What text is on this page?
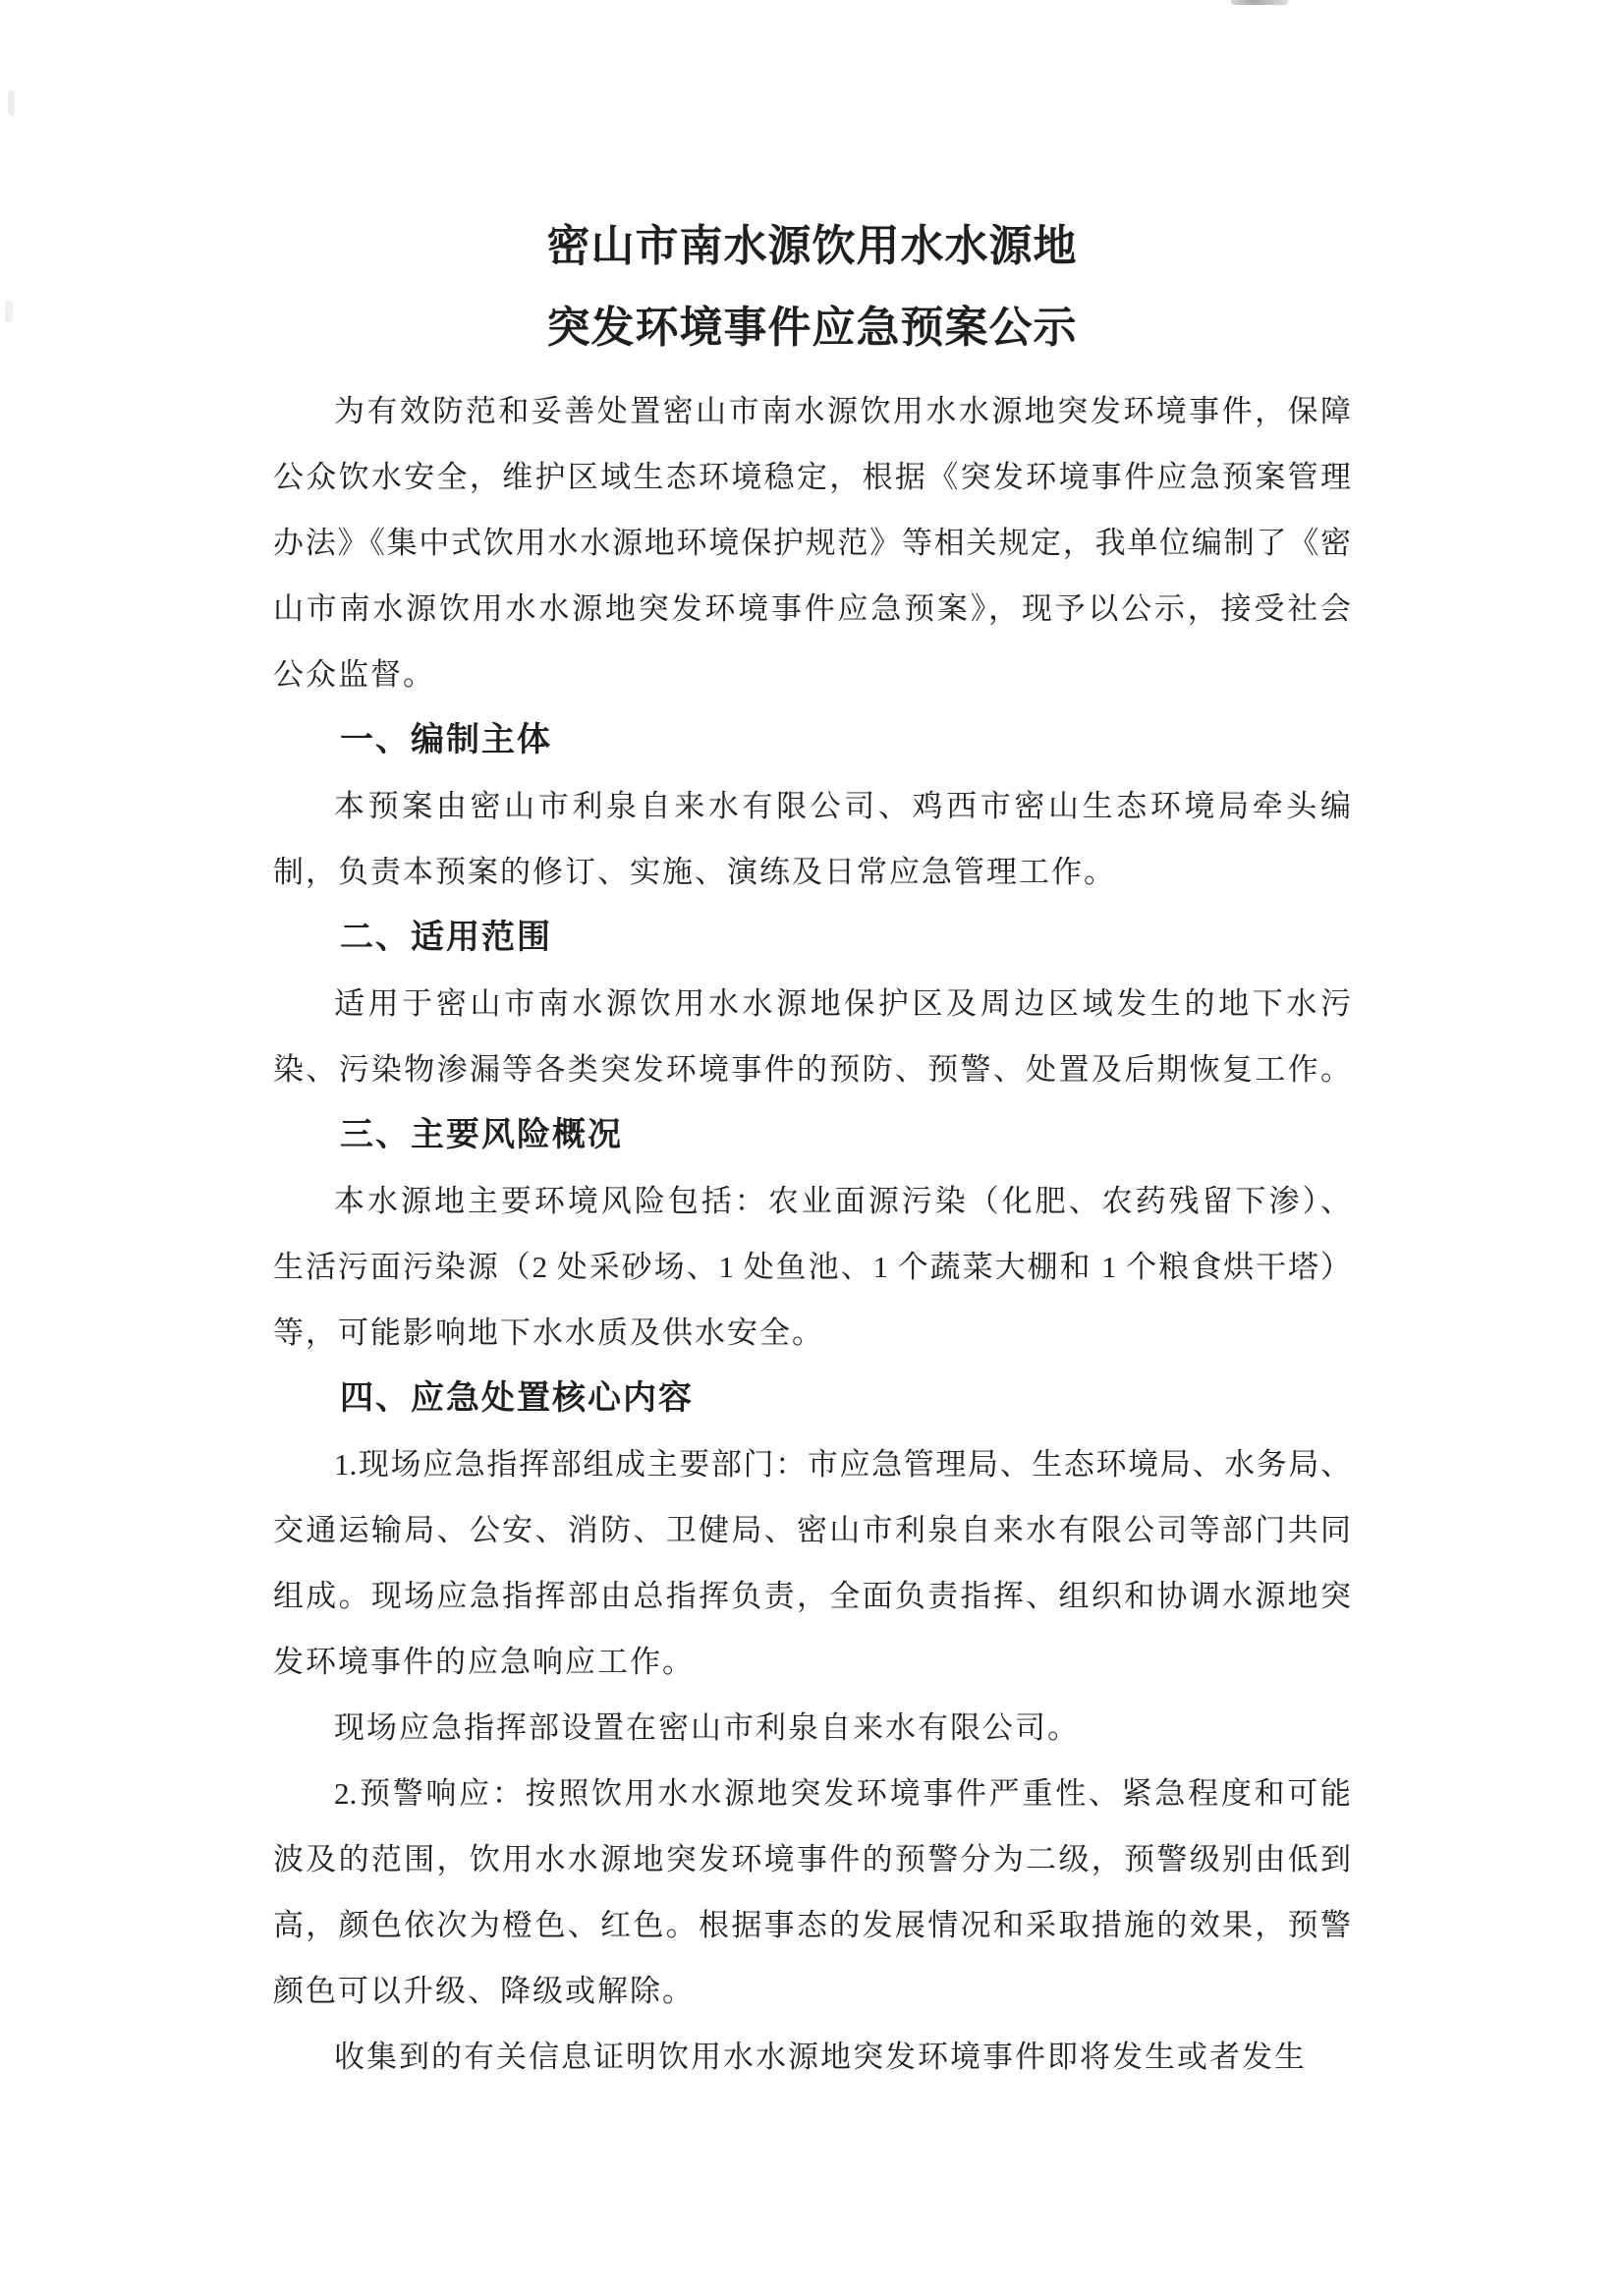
密山市南水源饮用水水源地
突发环境事件应急预案公示
为有效防范和妥善处置密山市南水源饮用水水源地突发环境事件，保障
公众饮水安全，维护区域生态环境稳定，根据《突发环境事件应急预案管理
办法》《集中式饮用水水源地环境保护规范》等相关规定，我单位编制了《密
山市南水源饮用水水源地突发环境事件应急预案》，现予以公示，接受社会
公众监督。
一、编制主体
本预案由密山市利泉自来水有限公司、鸡西市密山生态环境局牵头编
制，负责本预案的修订、实施、演练及日常应急管理工作。
二、适用范围
适用于密山市南水源饮用水水源地保护区及周边区域发生的地下水污
染、污染物渗漏等各类突发环境事件的预防、预警、处置及后期恢复工作。
三、主要风险概况
本水源地主要环境风险包括：农业面源污染（化肥、农药残留下渗）、
生活污面污染源（2 处采砂场、1 处鱼池、1 个蔬菜大棚和 1 个粮食烘干塔）
等，可能影响地下水水质及供水安全。
四、应急处置核心内容
1.现场应急指挥部组成主要部门：市应急管理局、生态环境局、水务局、
交通运输局、公安、消防、卫健局、密山市利泉自来水有限公司等部门共同
组成。现场应急指挥部由总指挥负责，全面负责指挥、组织和协调水源地突
发环境事件的应急响应工作。
现场应急指挥部设置在密山市利泉自来水有限公司。
2.预警响应：按照饮用水水源地突发环境事件严重性、紧急程度和可能
波及的范围，饮用水水源地突发环境事件的预警分为二级，预警级别由低到
高，颜色依次为橙色、红色。根据事态的发展情况和采取措施的效果，预警
颜色可以升级、降级或解除。
收集到的有关信息证明饮用水水源地突发环境事件即将发生或者发生
